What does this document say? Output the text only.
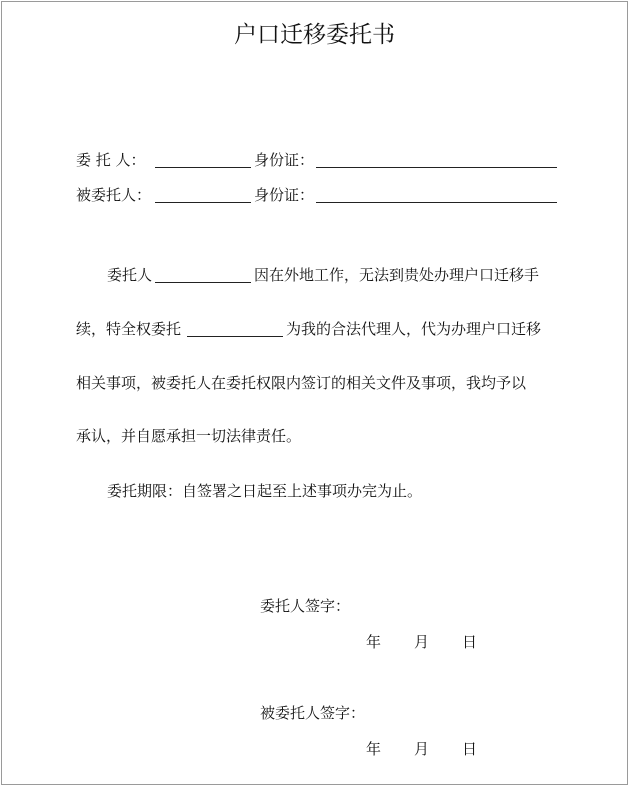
户口迁移委托书
委 托 人：	身份证：
被委托人：	身份证：
委托人	因在外地工作，无法到贵处办理户口迁移手
续，特全权委托	为我的合法代理人，代为办理户口迁移
相关事项，被委托人在委托权限内签订的相关文件及事项，我均予以
承认，并自愿承担一切法律责任。
委托期限：自签署之日起至上述事项办完为止。
委托人签字：
年 月 日
被委托人签字：
年 月 日
